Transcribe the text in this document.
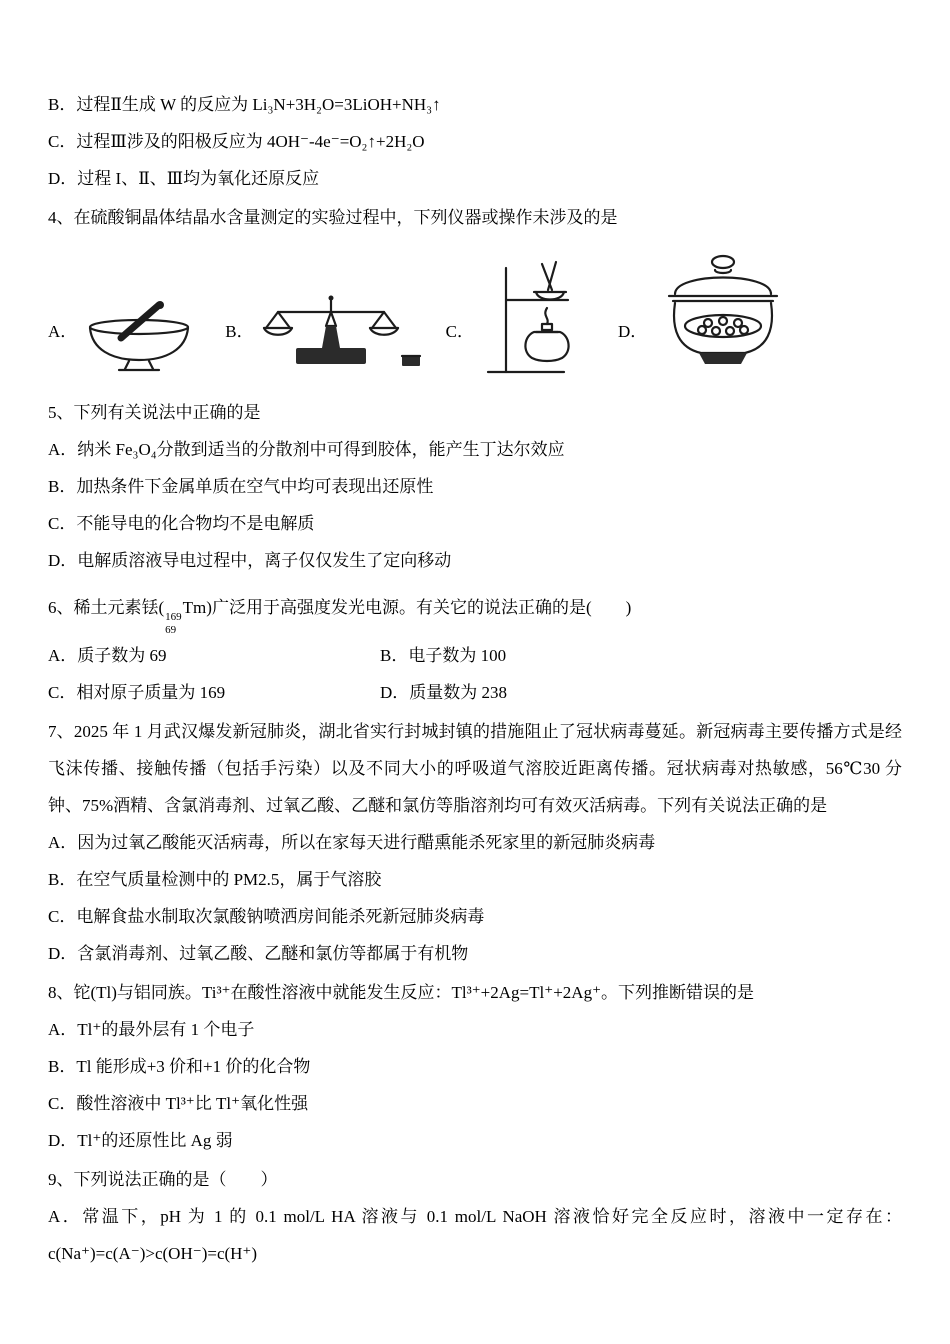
B．过程Ⅱ生成 W 的反应为 Li₃N+3H₂O=3LiOH+NH₃↑
C．过程Ⅲ涉及的阳极反应为 4OH⁻-4e⁻=O₂↑+2H₂O
D．过程 I、Ⅱ、Ⅲ均为氧化还原反应
4、在硫酸铜晶体结晶水含量测定的实验过程中，下列仪器或操作未涉及的是
A．	B．	C．	D．
5、下列有关说法中正确的是
A．纳米 Fe₃O₄分散到适当的分散剂中可得到胶体，能产生丁达尔效应
B．加热条件下金属单质在空气中均可表现出还原性
C．不能导电的化合物均不是电解质
D．电解质溶液导电过程中，离子仅仅发生了定向移动
6、稀土元素铥( 169
69
Tm)广泛用于高强度发光电源。有关它的说法正确的是(　　)
A．质子数为 69	B．电子数为 100
C．相对原子质量为 169	D．质量数为 238
7、2025 年 1 月武汉爆发新冠肺炎，湖北省实行封城封镇的措施阻止了冠状病毒蔓延。新冠病毒主要传播方式是经飞沫传播、接触传播（包括手污染）以及不同大小的呼吸道气溶胶近距离传播。冠状病毒对热敏感，56℃30 分钟、75%酒精、含氯消毒剂、过氧乙酸、乙醚和氯仿等脂溶剂均可有效灭活病毒。下列有关说法正确的是
A．因为过氧乙酸能灭活病毒，所以在家每天进行醋熏能杀死家里的新冠肺炎病毒
B．在空气质量检测中的 PM2.5，属于气溶胶
C．电解食盐水制取次氯酸钠喷洒房间能杀死新冠肺炎病毒
D．含氯消毒剂、过氧乙酸、乙醚和氯仿等都属于有机物
8、铊(Tl)与铝同族。Ti³⁺在酸性溶液中就能发生反应：Tl³⁺+2Ag=Tl⁺+2Ag⁺。下列推断错误的是
A．Tl⁺的最外层有 1 个电子
B．Tl 能形成+3 价和+1 价的化合物
C．酸性溶液中 Tl³⁺比 Tl⁺氧化性强
D．Tl⁺的还原性比 Ag 弱
9、下列说法正确的是（　　）
A．常温下，pH 为 1 的 0.1 mol/L HA 溶液与 0.1 mol/L NaOH 溶液恰好完全反应时，溶液中一定存在：c(Na⁺)=c(A⁻)>c(OH⁻)=c(H⁺)
